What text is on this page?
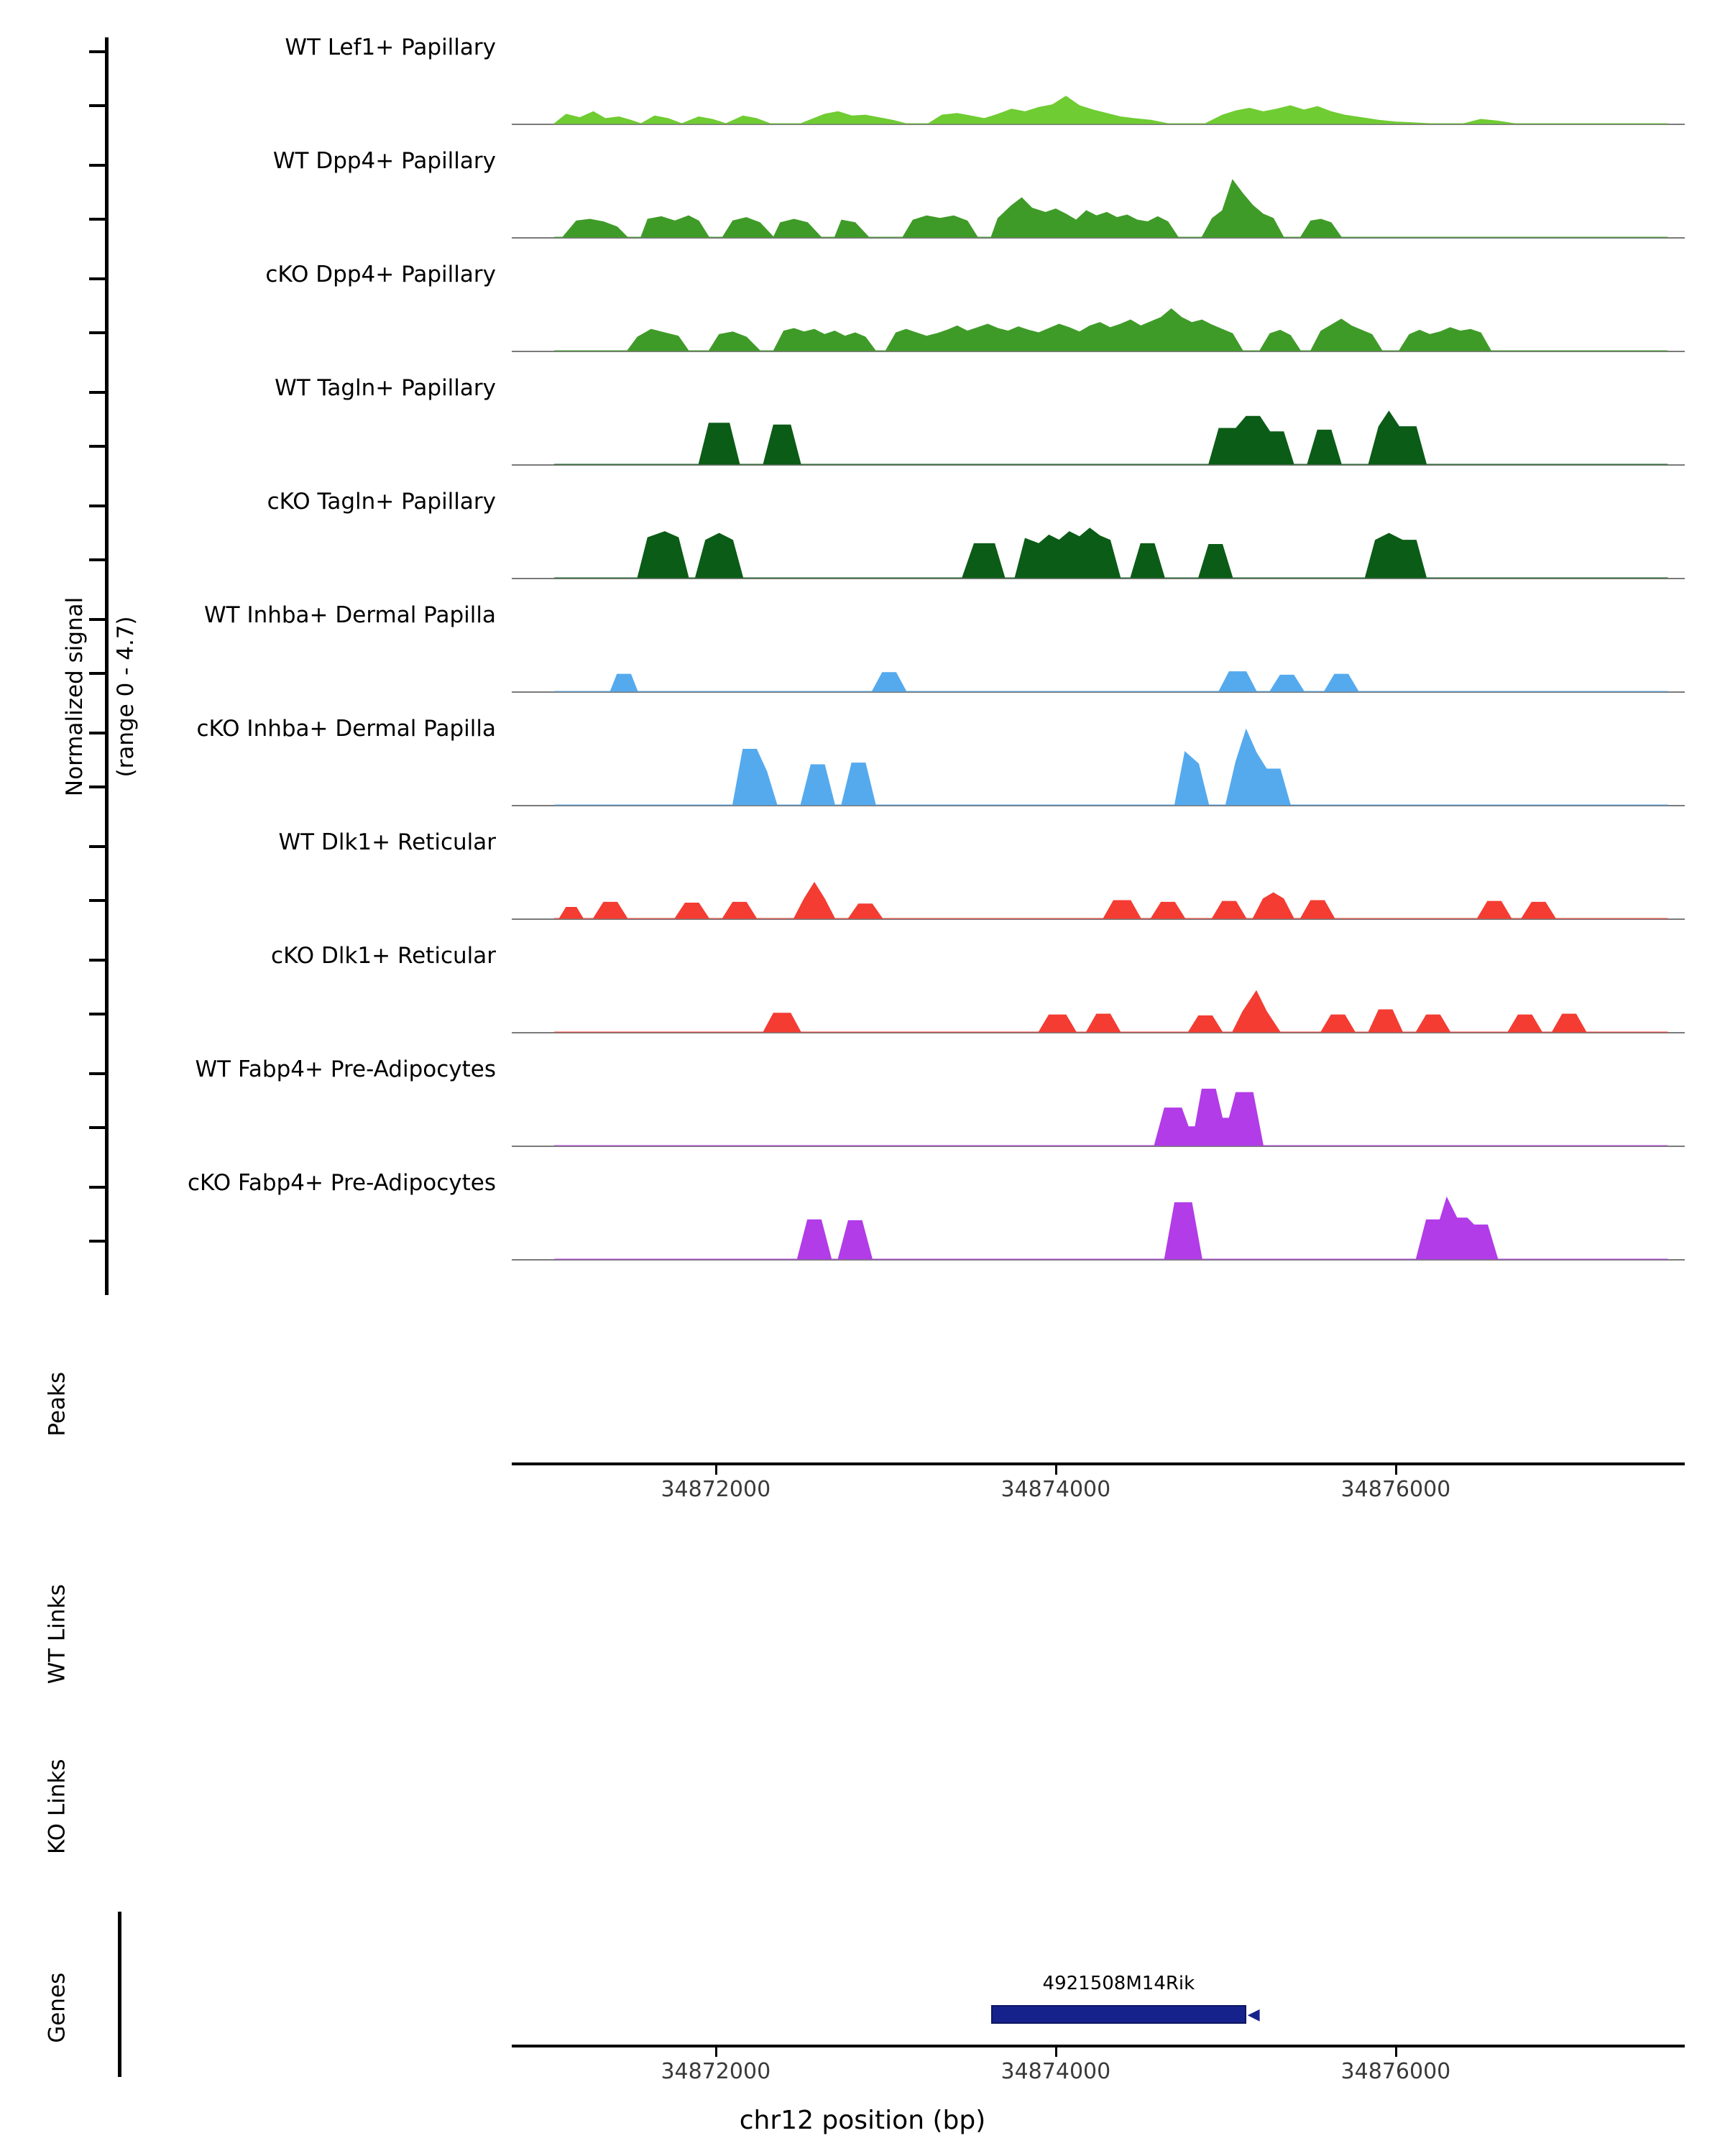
Normalized signal (range 0 - 4.7)

Peaks

WT Links

KO Links

Genes

WT Lef1+ Papillary
WT Dpp4+ Papillary
cKO Dpp4+ Papillary
WT Tagln+ Papillary
cKO Tagln+ Papillary
WT Inhba+ Dermal Papilla
cKO Inhba+ Dermal Papilla
WT Dlk1+ Reticular
cKO Dlk1+ Reticular
WT Fabp4+ Pre-Adipocytes
cKO Fabp4+ Pre-Adipocytes
34872000	34874000	34876000
◀
4921508M14Rik
34872000	34874000	34876000
chr12 position (bp)
